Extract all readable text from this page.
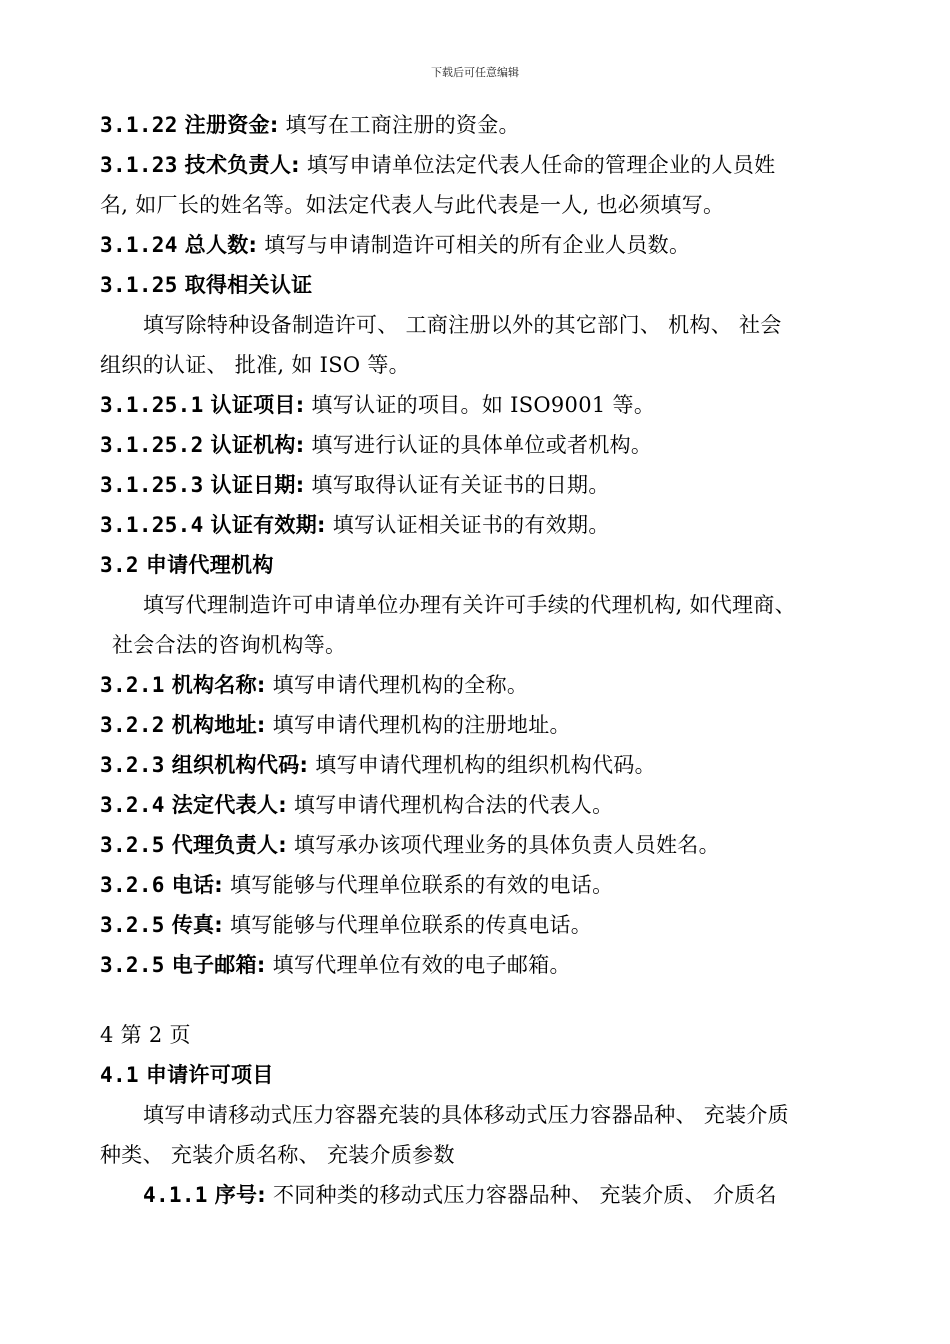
下载后可任意编辑
3.1.22 注册资金: 填写在工商注册的资金。
3.1.23 技术负责人: 填写申请单位法定代表人任命的管理企业的人员姓
名, 如厂长的姓名等。如法定代表人与此代表是一人, 也必须填写。
3.1.24 总人数: 填写与申请制造许可相关的所有企业人员数。
3.1.25 取得相关认证
填写除特种设备制造许可、 工商注册以外的其它部门、 机构、 社会
组织的认证、 批准, 如 ISO 等。
3.1.25.1 认证项目: 填写认证的项目。如 ISO9001 等。
3.1.25.2 认证机构: 填写进行认证的具体单位或者机构。
3.1.25.3 认证日期: 填写取得认证有关证书的日期。
3.1.25.4 认证有效期: 填写认证相关证书的有效期。
3.2 申请代理机构
填写代理制造许可申请单位办理有关许可手续的代理机构, 如代理商、
社会合法的咨询机构等。
3.2.1 机构名称: 填写申请代理机构的全称。
3.2.2 机构地址: 填写申请代理机构的注册地址。
3.2.3 组织机构代码: 填写申请代理机构的组织机构代码。
3.2.4 法定代表人: 填写申请代理机构合法的代表人。
3.2.5 代理负责人: 填写承办该项代理业务的具体负责人员姓名。
3.2.6 电话: 填写能够与代理单位联系的有效的电话。
3.2.5 传真: 填写能够与代理单位联系的传真电话。
3.2.5 电子邮箱: 填写代理单位有效的电子邮箱。
4 第 2 页
4.1 申请许可项目
填写申请移动式压力容器充装的具体移动式压力容器品种、 充装介质
种类、 充装介质名称、 充装介质参数
4.1.1 序号: 不同种类的移动式压力容器品种、 充装介质、 介质名
